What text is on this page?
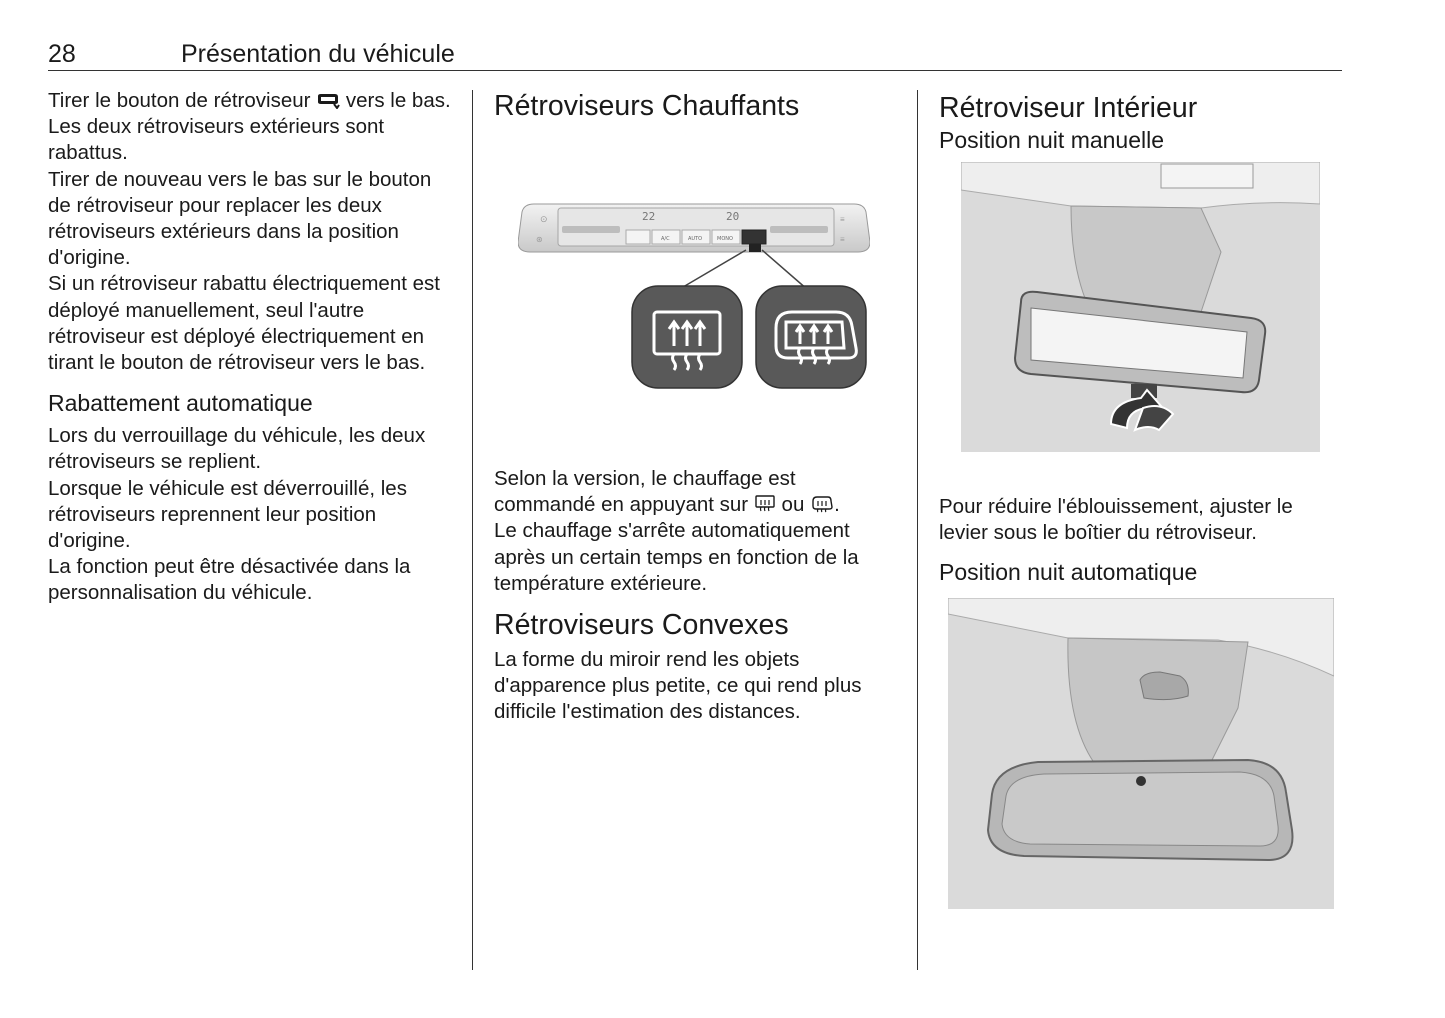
28	Présentation du véhicule

Tirer le bouton de rétroviseur vers le bas.

Les deux rétroviseurs extérieurs sont rabattus.

Tirer de nouveau vers le bas sur le bouton de rétroviseur pour replacer les deux rétroviseurs extérieurs dans la position d'origine.

Si un rétroviseur rabattu électriquement est déployé manuellement, seul l'autre rétroviseur est déployé électriquement en tirant le bouton de rétroviseur vers le bas.

Rabattement automatique

Lors du verrouillage du véhicule, les deux rétroviseurs se replient.

Lorsque le véhicule est déverrouillé, les rétroviseurs reprennent leur position d'origine.

La fonction peut être désactivée dans la personnalisation du véhicule.

Rétroviseurs Chauffants
22	20
A/C	AUTO	MONO
⊙	≡
≡
⊛

Selon la version, le chauffage est commandé en appuyant sur ou .

Le chauffage s'arrête automatiquement après un certain temps en fonction de la température extérieure.

Rétroviseurs Convexes

La forme du miroir rend les objets d'apparence plus petite, ce qui rend plus difficile l'estimation des distances.

Rétroviseur Intérieur
Position nuit manuelle

Pour réduire l'éblouissement, ajuster le levier sous le boîtier du rétroviseur.

Position nuit automatique
